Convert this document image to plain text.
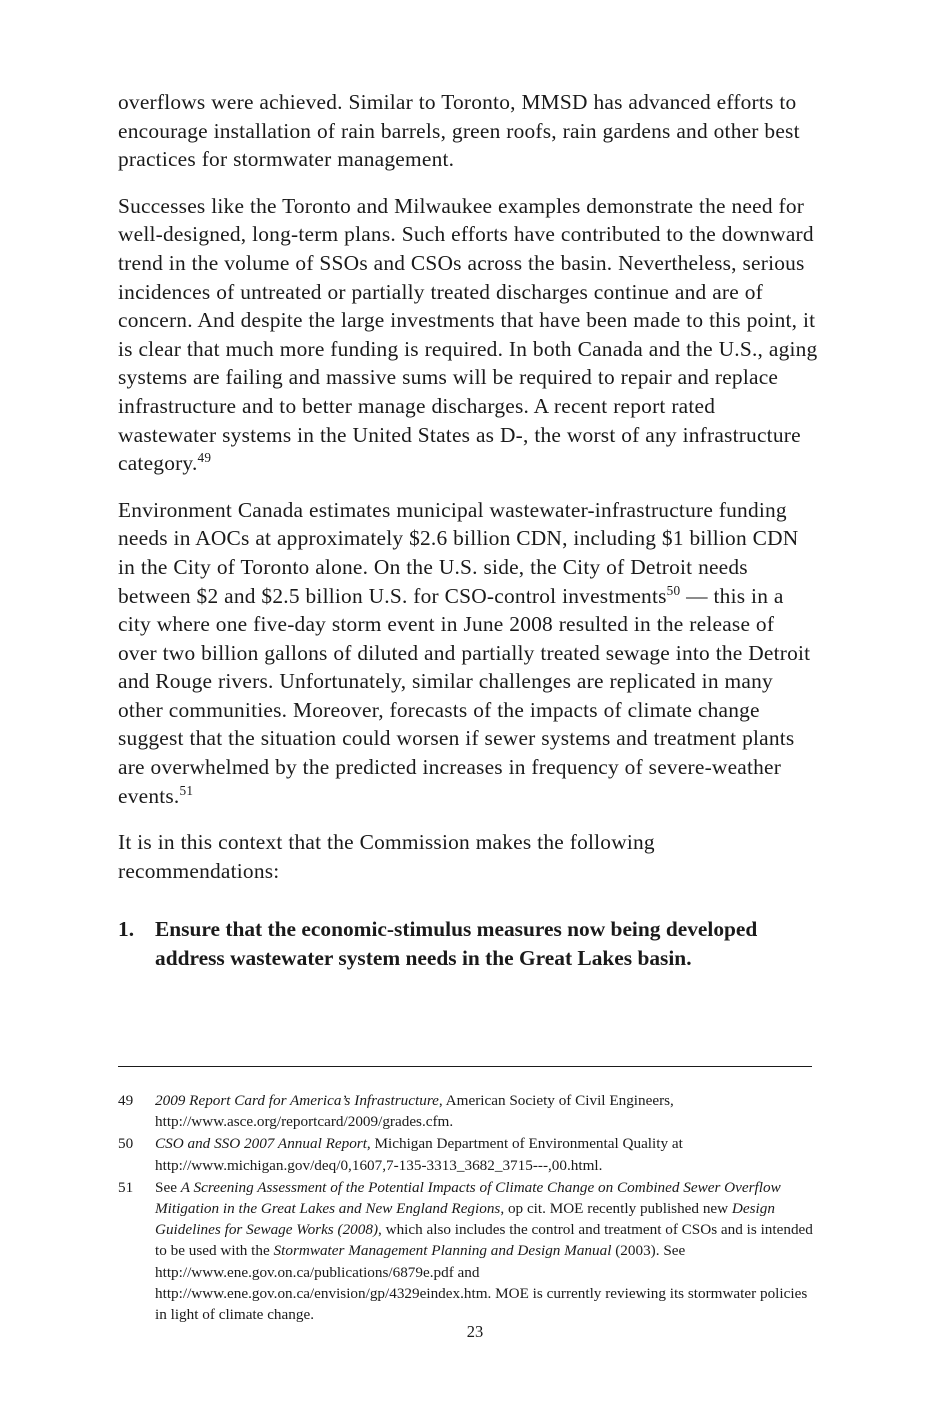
overflows were achieved. Similar to Toronto, MMSD has advanced efforts to encourage installation of rain barrels, green roofs, rain gardens and other best practices for stormwater management.

Successes like the Toronto and Milwaukee examples demonstrate the need for well-designed, long-term plans. Such efforts have contributed to the downward trend in the volume of SSOs and CSOs across the basin. Nevertheless, serious incidences of untreated or partially treated discharges continue and are of concern. And despite the large investments that have been made to this point, it is clear that much more funding is required. In both Canada and the U.S., aging systems are failing and massive sums will be required to repair and replace infrastructure and to better manage discharges. A recent report rated wastewater systems in the United States as D-, the worst of any infrastructure category.$^{49}$

Environment Canada estimates municipal wastewater-infrastructure funding needs in AOCs at approximately $2.6 billion CDN, including $1 billion CDN in the City of Toronto alone. On the U.S. side, the City of Detroit needs between $2 and $2.5 billion U.S. for CSO-control investments$^{50}$ — this in a city where one five-day storm event in June 2008 resulted in the release of over two billion gallons of diluted and partially treated sewage into the Detroit and Rouge rivers. Unfortunately, similar challenges are replicated in many other communities. Moreover, forecasts of the impacts of climate change suggest that the situation could worsen if sewer systems and treatment plants are overwhelmed by the predicted increases in frequency of severe-weather events.$^{51}$

It is in this context that the Commission makes the following recommendations:

1. Ensure that the economic-stimulus measures now being developed address wastewater system needs in the Great Lakes basin.
49	2009 Report Card for America’s Infrastructure, American Society of Civil Engineers, http://www.asce.org/reportcard/2009/grades.cfm.
50	CSO and SSO 2007 Annual Report, Michigan Department of Environmental Quality at http://www.michigan.gov/deq/0,1607,7-135-3313_3682_3715---,00.html.
51	See A Screening Assessment of the Potential Impacts of Climate Change on Combined Sewer Overflow Mitigation in the Great Lakes and New England Regions, op cit. MOE recently published new Design Guidelines for Sewage Works (2008), which also includes the control and treatment of CSOs and is intended to be used with the Stormwater Management Planning and Design Manual (2003). See http://www.ene.gov.on.ca/publications/6879e.pdf and http://www.ene.gov.on.ca/envision/gp/4329eindex.htm. MOE is currently reviewing its stormwater policies in light of climate change.
23
